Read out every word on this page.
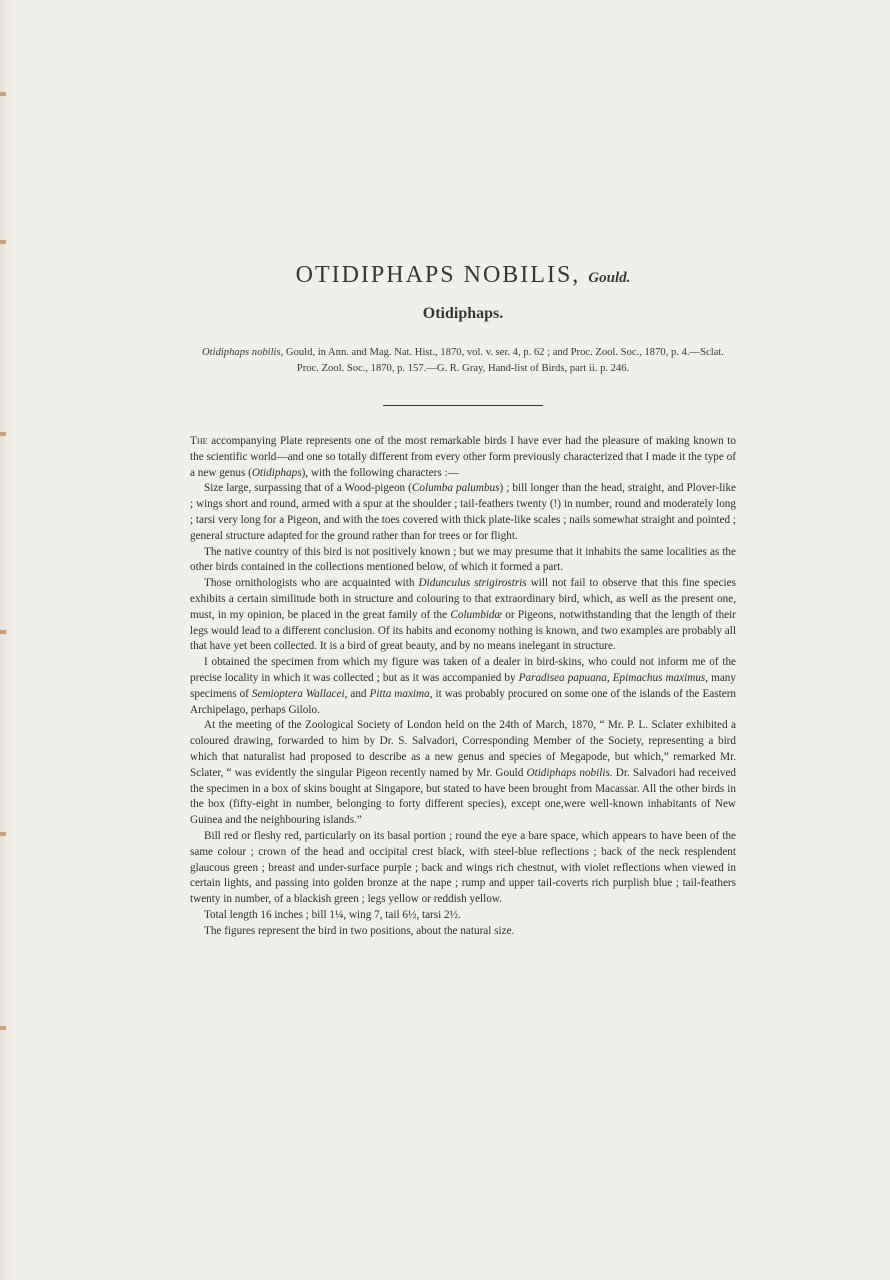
OTIDIPHAPS NOBILIS, Gould.
Otidiphaps.

Otidiphaps nobilis, Gould, in Ann. and Mag. Nat. Hist., 1870, vol. v. ser. 4, p. 62 ; and Proc. Zool. Soc., 1870, p. 4.—Sclat. Proc. Zool. Soc., 1870, p. 157.—G. R. Gray, Hand-list of Birds, part ii. p. 246.

The accompanying Plate represents one of the most remarkable birds I have ever had the pleasure of making known to the scientific world—and one so totally different from every other form previously characterized that I made it the type of a new genus (Otidiphaps), with the following characters :—

Size large, surpassing that of a Wood-pigeon (Columba palumbus) ; bill longer than the head, straight, and Plover-like ; wings short and round, armed with a spur at the shoulder ; tail-feathers twenty (!) in number, round and moderately long ; tarsi very long for a Pigeon, and with the toes covered with thick plate-like scales ; nails somewhat straight and pointed ; general structure adapted for the ground rather than for trees or for flight.

The native country of this bird is not positively known ; but we may presume that it inhabits the same localities as the other birds contained in the collections mentioned below, of which it formed a part.

Those ornithologists who are acquainted with Didunculus strigirostris will not fail to observe that this fine species exhibits a certain similitude both in structure and colouring to that extraordinary bird, which, as well as the present one, must, in my opinion, be placed in the great family of the Columbidæ or Pigeons, notwithstanding that the length of their legs would lead to a different conclusion. Of its habits and economy nothing is known, and two examples are probably all that have yet been collected. It is a bird of great beauty, and by no means inelegant in structure.

I obtained the specimen from which my figure was taken of a dealer in bird-skins, who could not inform me of the precise locality in which it was collected ; but as it was accompanied by Paradisea papuana, Epimachus maximus, many specimens of Semioptera Wallacei, and Pitta maxima, it was probably procured on some one of the islands of the Eastern Archipelago, perhaps Gilolo.

At the meeting of the Zoological Society of London held on the 24th of March, 1870, “ Mr. P. L. Sclater exhibited a coloured drawing, forwarded to him by Dr. S. Salvadori, Corresponding Member of the Society, representing a bird which that naturalist had proposed to describe as a new genus and species of Megapode, but which,” remarked Mr. Sclater, “ was evidently the singular Pigeon recently named by Mr. Gould Otidiphaps nobilis. Dr. Salvadori had received the specimen in a box of skins bought at Singapore, but stated to have been brought from Macassar. All the other birds in the box (fifty-eight in number, belonging to forty different species), except one,were well-known inhabitants of New Guinea and the neighbouring islands.”

Bill red or fleshy red, particularly on its basal portion ; round the eye a bare space, which appears to have been of the same colour ; crown of the head and occipital crest black, with steel-blue reflections ; back of the neck resplendent glaucous green ; breast and under-surface purple ; back and wings rich chestnut, with violet reflections when viewed in certain lights, and passing into golden bronze at the nape ; rump and upper tail-coverts rich purplish blue ; tail-feathers twenty in number, of a blackish green ; legs yellow or reddish yellow.

Total length 16 inches ; bill 1¼, wing 7, tail 6½, tarsi 2½.

The figures represent the bird in two positions, about the natural size.
